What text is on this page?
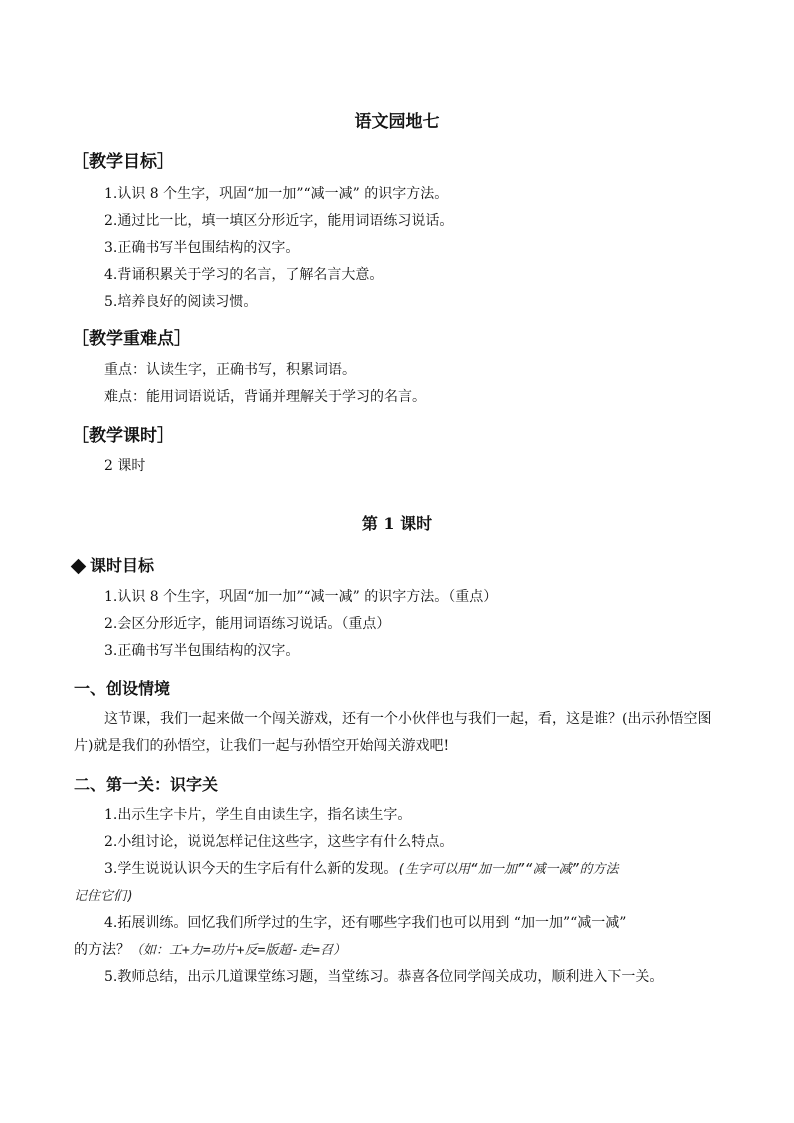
语文园地七
［教学目标］
1.认识 8 个生字，巩固“加一加”“减一减” 的识字方法。
2.通过比一比，填一填区分形近字，能用词语练习说话。
3.正确书写半包围结构的汉字。
4.背诵积累关于学习的名言，了解名言大意。
5.培养良好的阅读习惯。
［教学重难点］
重点：认读生字，正确书写，积累词语。
难点：能用词语说话，背诵并理解关于学习的名言。
［教学课时］
2 课时
第 1 课时
课时目标
1.认识 8 个生字，巩固“加一加”“减一减” 的识字方法。（重点）
2.会区分形近字，能用词语练习说话。（重点）
3.正确书写半包围结构的汉字。
一、创设情境
这节课，我们一起来做一个闯关游戏，还有一个小伙伴也与我们一起，看，这是谁？(出示孙悟空图片)就是我们的孙悟空，让我们一起与孙悟空开始闯关游戏吧!
二、第一关：识字关
1.出示生字卡片，学生自由读生字，指名读生字。
2.小组讨论，说说怎样记住这些字，这些字有什么特点。
3.学生说说认识今天的生字后有什么新的发现。(生字可以用“加一加”“减一减”的方法
记住它们)
4.拓展训练。回忆我们所学过的生字，还有哪些字我们也可以用到 “加一加”“减一减”
的方法？（如：工+力=功片+反=版超-走=召）
5.教师总结，出示几道课堂练习题，当堂练习。恭喜各位同学闯关成功，顺利进入下一关。
